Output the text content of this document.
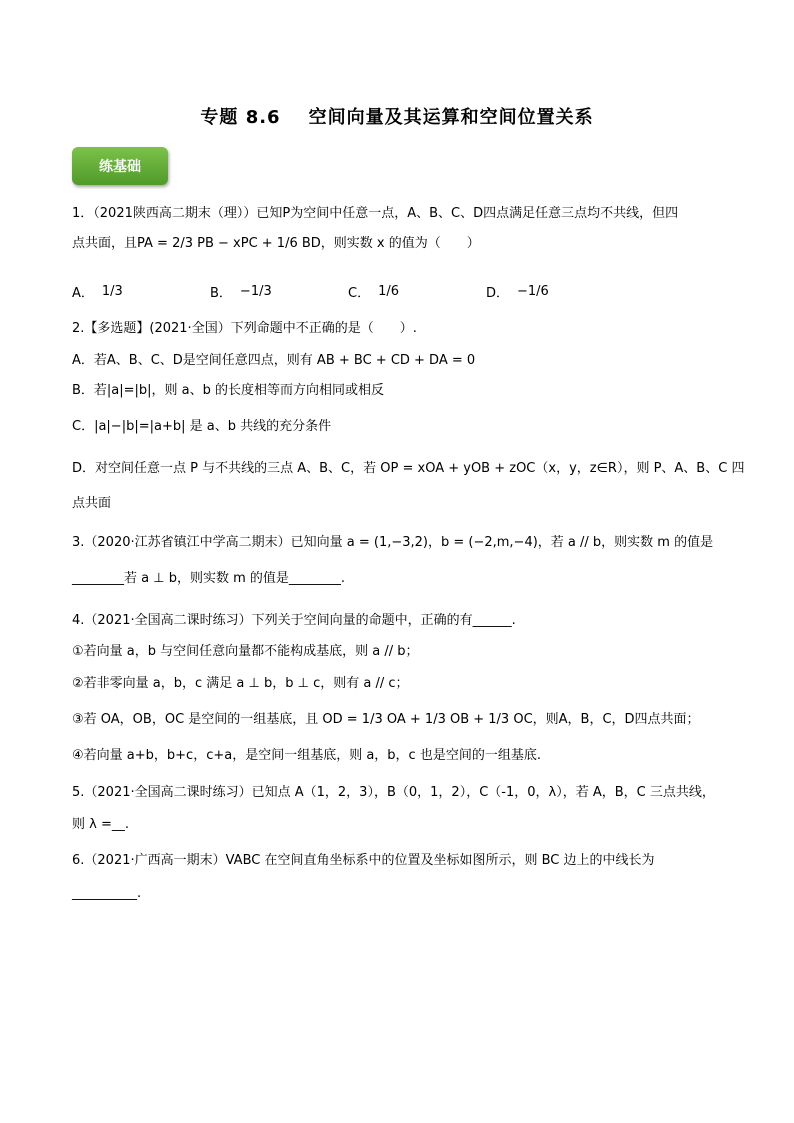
专题 8.6 空间向量及其运算和空间位置关系
练基础
1．（2021陕西高二期末（理））已知P为空间中任意一点，A、B、C、D四点满足任意三点均不共线，但四
点共面，且PA = 2/3 PB − xPC + 1/6 BD，则实数 x 的值为（　　）
A． 1/3	B． −1/3	C． 1/6	D． −1/6
2.【多选题】(2021·全国）下列命题中不正确的是（　　）.
A．若A、B、C、D是空间任意四点，则有 AB + BC + CD + DA = 0
B．若|a|=|b|，则 a、b 的长度相等而方向相同或相反
C．|a|−|b|=|a+b| 是 a、b 共线的充分条件
D．对空间任意一点 P 与不共线的三点 A、B、C，若 OP = xOA + yOB + zOC（x，y，z∈R），则 P、A、B、C 四
点共面
3.（2020·江苏省镇江中学高二期末）已知向量 a = (1,−3,2)，b = (−2,m,−4)，若 a // b，则实数 m 的值是
________若 a ⊥ b，则实数 m 的值是________.
4.（2021·全国高二课时练习）下列关于空间向量的命题中，正确的有______.
①若向量 a，b 与空间任意向量都不能构成基底，则 a // b；
②若非零向量 a，b，c 满足 a ⊥ b，b ⊥ c，则有 a // c；
③若 OA，OB，OC 是空间的一组基底，且 OD = 1/3 OA + 1/3 OB + 1/3 OC，则A，B，C，D四点共面；
④若向量 a+b，b+c，c+a，是空间一组基底，则 a，b，c 也是空间的一组基底.
5.（2021·全国高二课时练习）已知点 A（1，2，3），B（0，1，2），C（-1，0，λ），若 A，B，C 三点共线，
则 λ =__.
6.（2021·广西高一期末）VABC 在空间直角坐标系中的位置及坐标如图所示，则 BC 边上的中线长为
__________.
